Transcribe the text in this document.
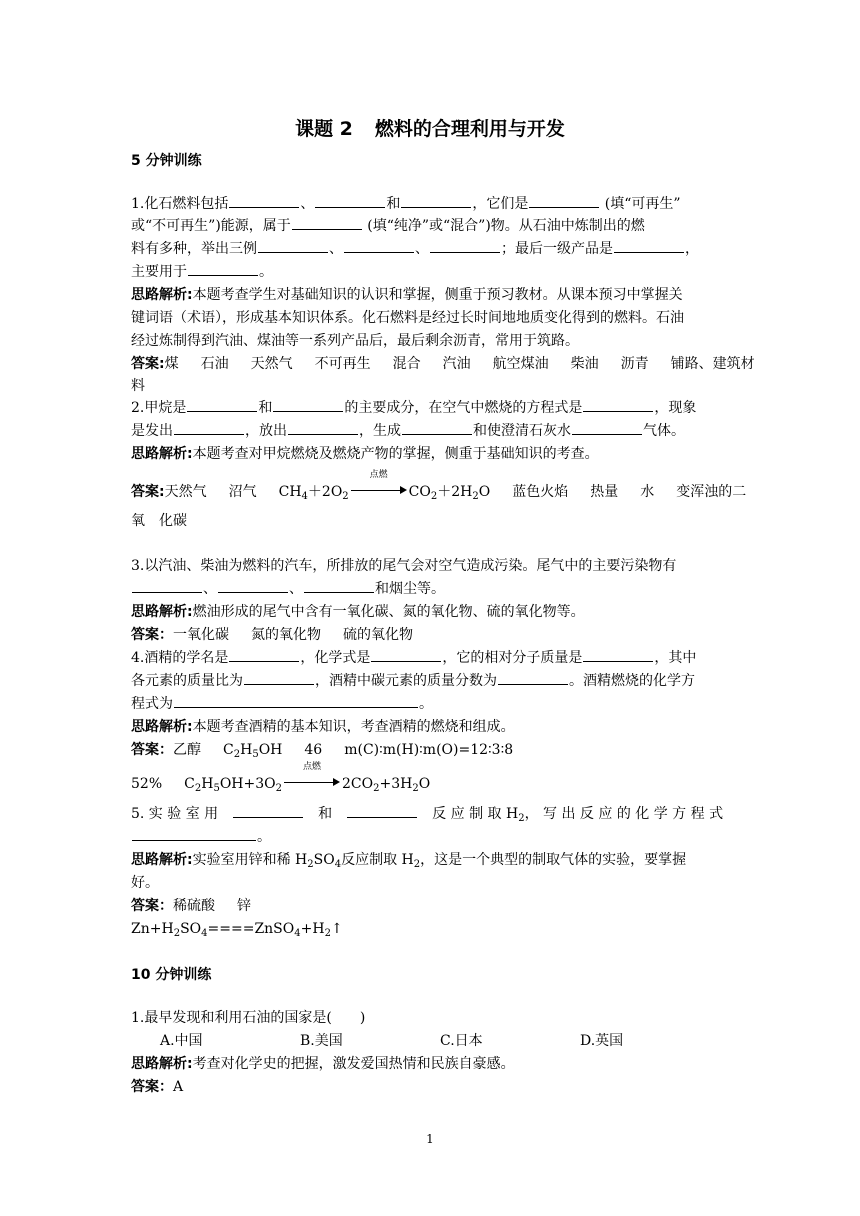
课题 2 燃料的合理利用与开发
5 分钟训练
1.化石燃料包括	、	和	，它们是	(填“可再生”
或“不可再生”)能源，属于	(填“纯净”或“混合”)物。从石油中炼制出的燃
料有多种，举出三例	、	、	；最后一级产品是	，
主要用于	。
思路解析:本题考查学生对基础知识的认识和掌握，侧重于预习教材。从课本预习中掌握关
键词语（术语），形成基本知识体系。化石燃料是经过长时间地地质变化得到的燃料。石油
经过炼制得到汽油、煤油等一系列产品后，最后剩余沥青，常用于筑路。
答案:煤 石油 天然气 不可再生 混合 汽油 航空煤油 柴油 沥青 铺路、建筑材
料
2.甲烷是	和	的主要成分，在空气中燃烧的方程式是	，现象
是发出	，放出	，生成	和使澄清石灰水	气体。
思路解析:本题考查对甲烷燃烧及燃烧产物的掌握，侧重于基础知识的考查。
答案:天然气 沼气 $CH_4+2O_2$
点燃
$CO_2+2H_2O$ 蓝色火焰 热量 水 变浑浊的二
氧　化碳
3.以汽油、柴油为燃料的汽车，所排放的尾气会对空气造成污染。尾气中的主要污染物有
、	、	和烟尘等。
思路解析:燃油形成的尾气中含有一氧化碳、氮的氧化物、硫的氧化物等。
答案：一氧化碳 氮的氧化物 硫的氧化物
4.酒精的学名是	，化学式是	，它的相对分子质量是	，其中
各元素的质量比为	，酒精中碳元素的质量分数为	。酒精燃烧的化学方
程式为	。
思路解析:本题考查酒精的基本知识，考查酒精的燃烧和组成。
答案：乙醇 $C_2H_5OH$ 46 m(C)∶m(H)∶m(O)=12∶3∶8
52% $C_2H_5OH+3O_2$
点燃
$2CO_2+3H_2O$
5. 实 验 室 用	和	反 应 制 取 $H_2$， 写 出 反 应 的 化 学 方 程 式
。
思路解析:实验室用锌和稀 $H_2SO_4$反应制取 $H_2$，这是一个典型的制取气体的实验，要掌握
好。
答案：稀硫酸 锌
$Zn+H_2SO_4====ZnSO_4+H_2↑$
10 分钟训练
1.最早发现和利用石油的国家是(　　)
A.中国	B.美国	C.日本	D.英国
思路解析:考查对化学史的把握，激发爱国热情和民族自豪感。
答案：A
1
